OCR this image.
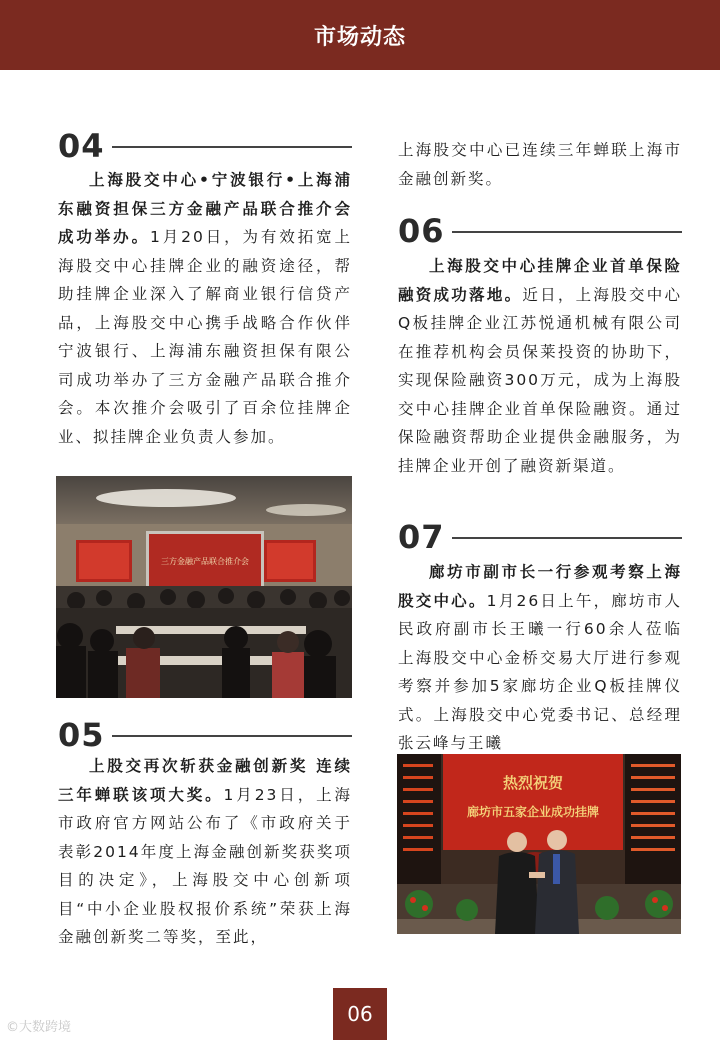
市场动态
04

上海股交中心•宁波银行•上海浦东融资担保三方金融产品联合推介会成功举办。1月20日，为有效拓宽上海股交中心挂牌企业的融资途径，帮助挂牌企业深入了解商业银行信贷产品，上海股交中心携手战略合作伙伴宁波银行、上海浦东融资担保有限公司成功举办了三方金融产品联合推介会。本次推介会吸引了百余位挂牌企业、拟挂牌企业负责人参加。

三方金融产品联合推介会
05

上股交再次斩获金融创新奖 连续三年蝉联该项大奖。1月23日，上海市政府官方网站公布了《市政府关于表彰2014年度上海金融创新奖获奖项目的决定》，上海股交中心创新项目“中小企业股权报价系统”荣获上海金融创新奖二等奖，至此，

上海股交中心已连续三年蝉联上海市金融创新奖。

06

上海股交中心挂牌企业首单保险融资成功落地。近日，上海股交中心Q板挂牌企业江苏悦通机械有限公司在推荐机构会员保莱投资的协助下，实现保险融资300万元，成为上海股交中心挂牌企业首单保险融资。通过保险融资帮助企业提供金融服务，为挂牌企业开创了融资新渠道。

07

廊坊市副市长一行参观考察上海股交中心。1月26日上午，廊坊市人民政府副市长王曦一行60余人莅临上海股交中心金桥交易大厅进行参观考察并参加5家廊坊企业Q板挂牌仪式。上海股交中心党委书记、总经理张云峰与王曦

热烈祝贺
廊坊市五家企业成功挂牌
06
©大数跨境
